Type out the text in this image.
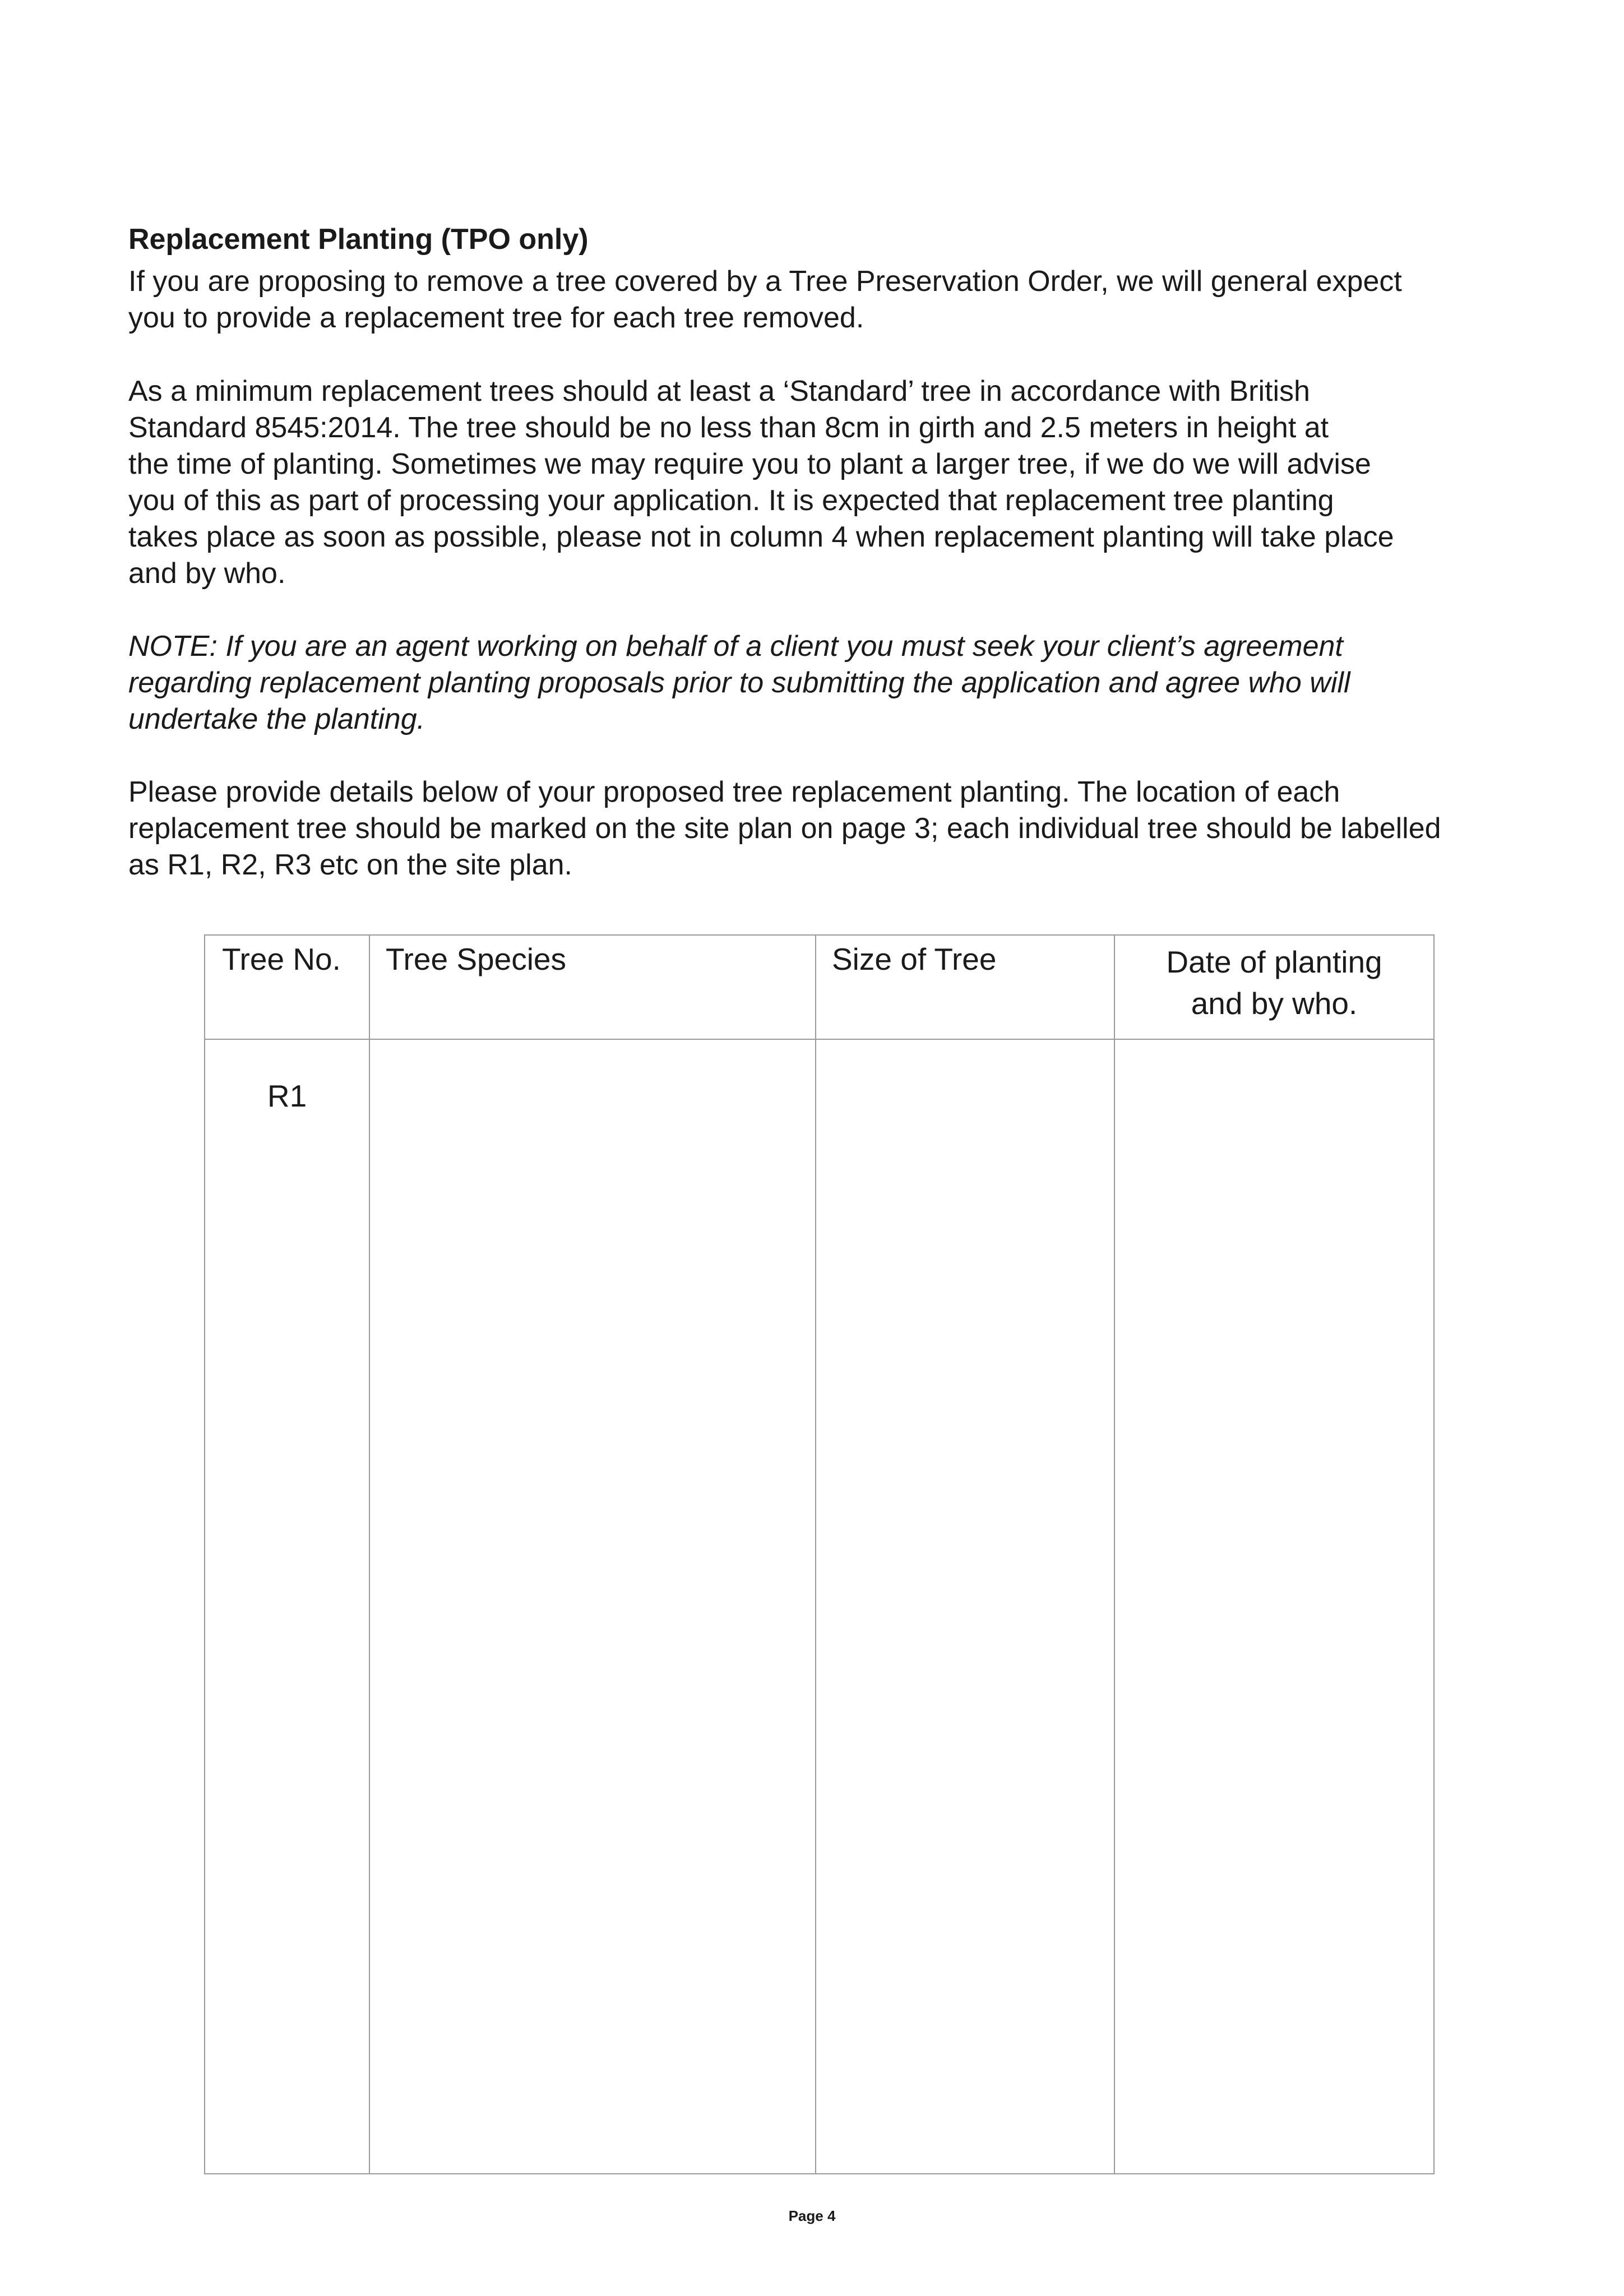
Replacement Planting (TPO only)

If you are proposing to remove a tree covered by a Tree Preservation Order, we will general expect
you to provide a replacement tree for each tree removed.

As a minimum replacement trees should at least a ‘Standard’ tree in accordance with British
Standard 8545:2014. The tree should be no less than 8cm in girth and 2.5 meters in height at
the time of planting. Sometimes we may require you to plant a larger tree, if we do we will advise
you of this as part of processing your application. It is expected that replacement tree planting
takes place as soon as possible, please not in column 4 when replacement planting will take place
and by who.

NOTE: If you are an agent working on behalf of a client you must seek your client’s agreement
regarding replacement planting proposals prior to submitting the application and agree who will
undertake the planting.

Please provide details below of your proposed tree replacement planting. The location of each
replacement tree should be marked on the site plan on page 3; each individual tree should be labelled
as R1, R2, R3 etc on the site plan.

Tree No.	Tree Species	Size of Tree	Date of planting
and by who.

R1			

Page 4
